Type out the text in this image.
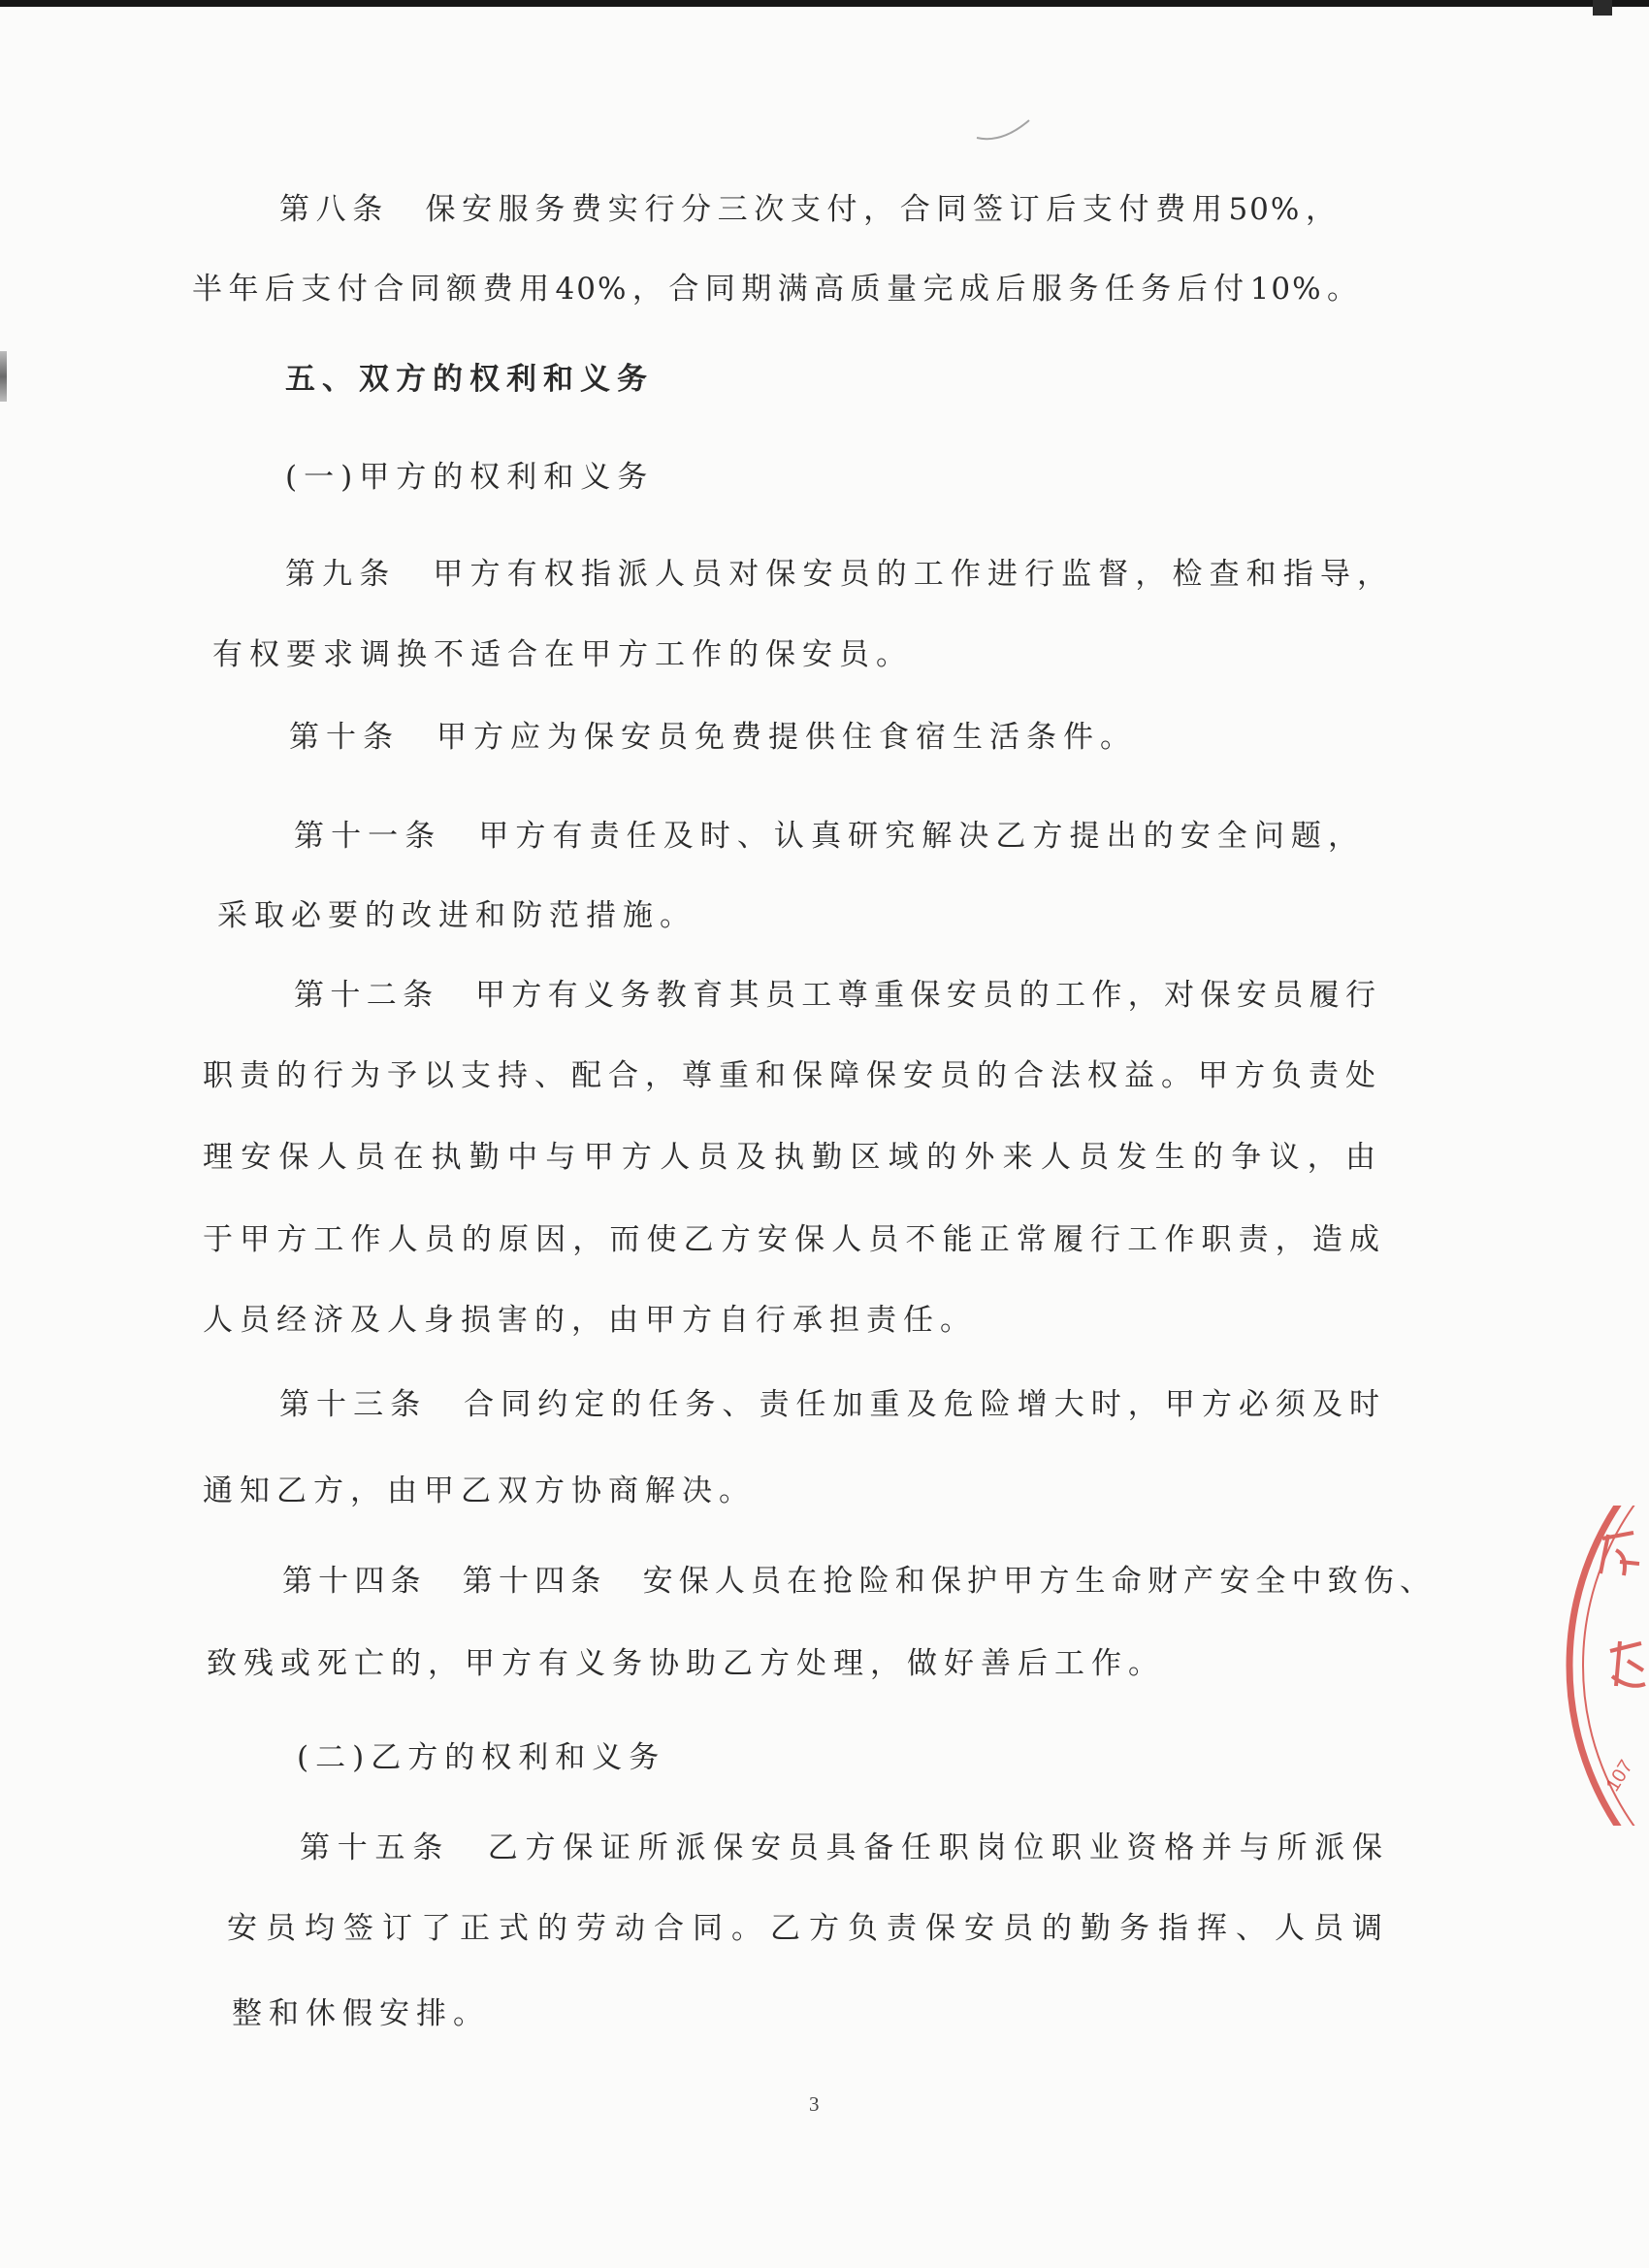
第八条　保安服务费实行分三次支付，合同签订后支付费用50%，
半年后支付合同额费用40%，合同期满高质量完成后服务任务后付10%。
五、双方的权利和义务
(一)甲方的权利和义务
第九条　甲方有权指派人员对保安员的工作进行监督，检查和指导，
有权要求调换不适合在甲方工作的保安员。
第十条　甲方应为保安员免费提供住食宿生活条件。
第十一条　甲方有责任及时、认真研究解决乙方提出的安全问题，
采取必要的改进和防范措施。
第十二条　甲方有义务教育其员工尊重保安员的工作，对保安员履行
职责的行为予以支持、配合，尊重和保障保安员的合法权益。甲方负责处
理安保人员在执勤中与甲方人员及执勤区域的外来人员发生的争议，由
于甲方工作人员的原因，而使乙方安保人员不能正常履行工作职责，造成
人员经济及人身损害的，由甲方自行承担责任。
第十三条　合同约定的任务、责任加重及危险增大时，甲方必须及时
通知乙方，由甲乙双方协商解决。
第十四条　第十四条　安保人员在抢险和保护甲方生命财产安全中致伤、
致残或死亡的，甲方有义务协助乙方处理，做好善后工作。
(二)乙方的权利和义务
第十五条　乙方保证所派保安员具备任职岗位职业资格并与所派保
安员均签订了正式的劳动合同。乙方负责保安员的勤务指挥、人员调
整和休假安排。
3
107
